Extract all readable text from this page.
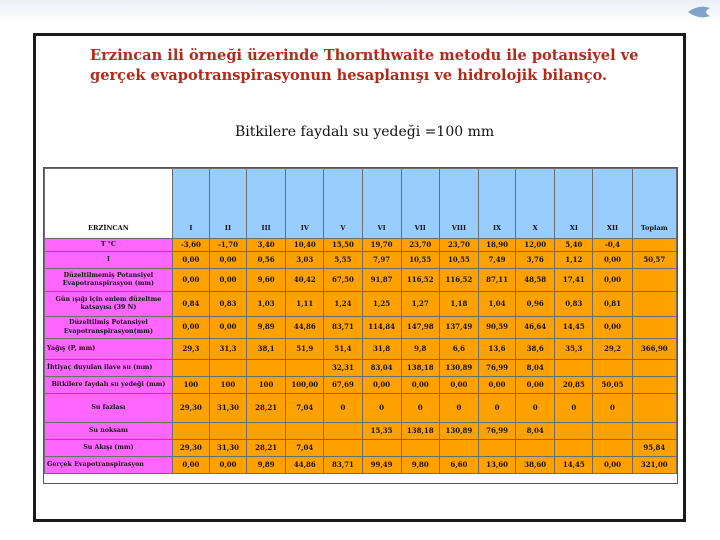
Erzincan ili örneği üzerinde Thornthwaite metodu ile potansiyel ve gerçek evapotranspirasyonun hesaplanışı ve hidrolojik bilanço.
Bitkilere faydalı su yedeği =100 mm
ERZİNCAN	I	II	III	IV	V	VI	VII	VIII	IX	X	XI	XII	Toplam
T °C	-3,60	-1,70	3,40	10,40	15,50	19,70	23,70	23,70	18,90	12,00	5,40	-0,4	
I	0,00	0,00	0,56	3,03	5,55	7,97	10,55	10,55	7,49	3,76	1,12	0,00	50,57
Düzeltilmemiş Potansiyel Evapotranspirasyon (mm)	0,00	0,00	9,60	40,42	67,50	91,87	116,52	116,52	87,11	48,58	17,41	0,00	
Gün ışığı için enlem düzeltme katsayısı (39 N)	0,84	0,83	1,03	1,11	1,24	1,25	1,27	1,18	1,04	0,96	0,83	0,81	
Düzeltilmiş Potansiyel Evapotranspirasyon(mm)	0,00	0,00	9,89	44,86	83,71	114,84	147,98	137,49	90,59	46,64	14,45	0,00	
Yağış (P, mm)	29,3	31,3	38,1	51,9	51,4	31,8	9,8	6,6	13,6	38,6	35,3	29,2	366,90
İhtiyaç duyulan ilave su (mm)					32,31	83,04	138,18	130,89	76,99	8,04			
Bitkilere faydalı su yedeği (mm)	100	100	100	100,00	67,69	0,00	0,00	0,00	0,00	0,00	20,85	50,05	
Su fazlası	29,30	31,30	28,21	7,04	0	0	0	0	0	0	0	0	
Su noksanı						15,35	138,18	130,89	76,99	8,04			
Su Akışı (mm)	29,30	31,30	28,21	7,04									95,84
Gerçek Evapotranspirasyon	0,00	0,00	9,89	44,86	83,71	99,49	9,80	6,60	13,60	38,60	14,45	0,00	321,00
